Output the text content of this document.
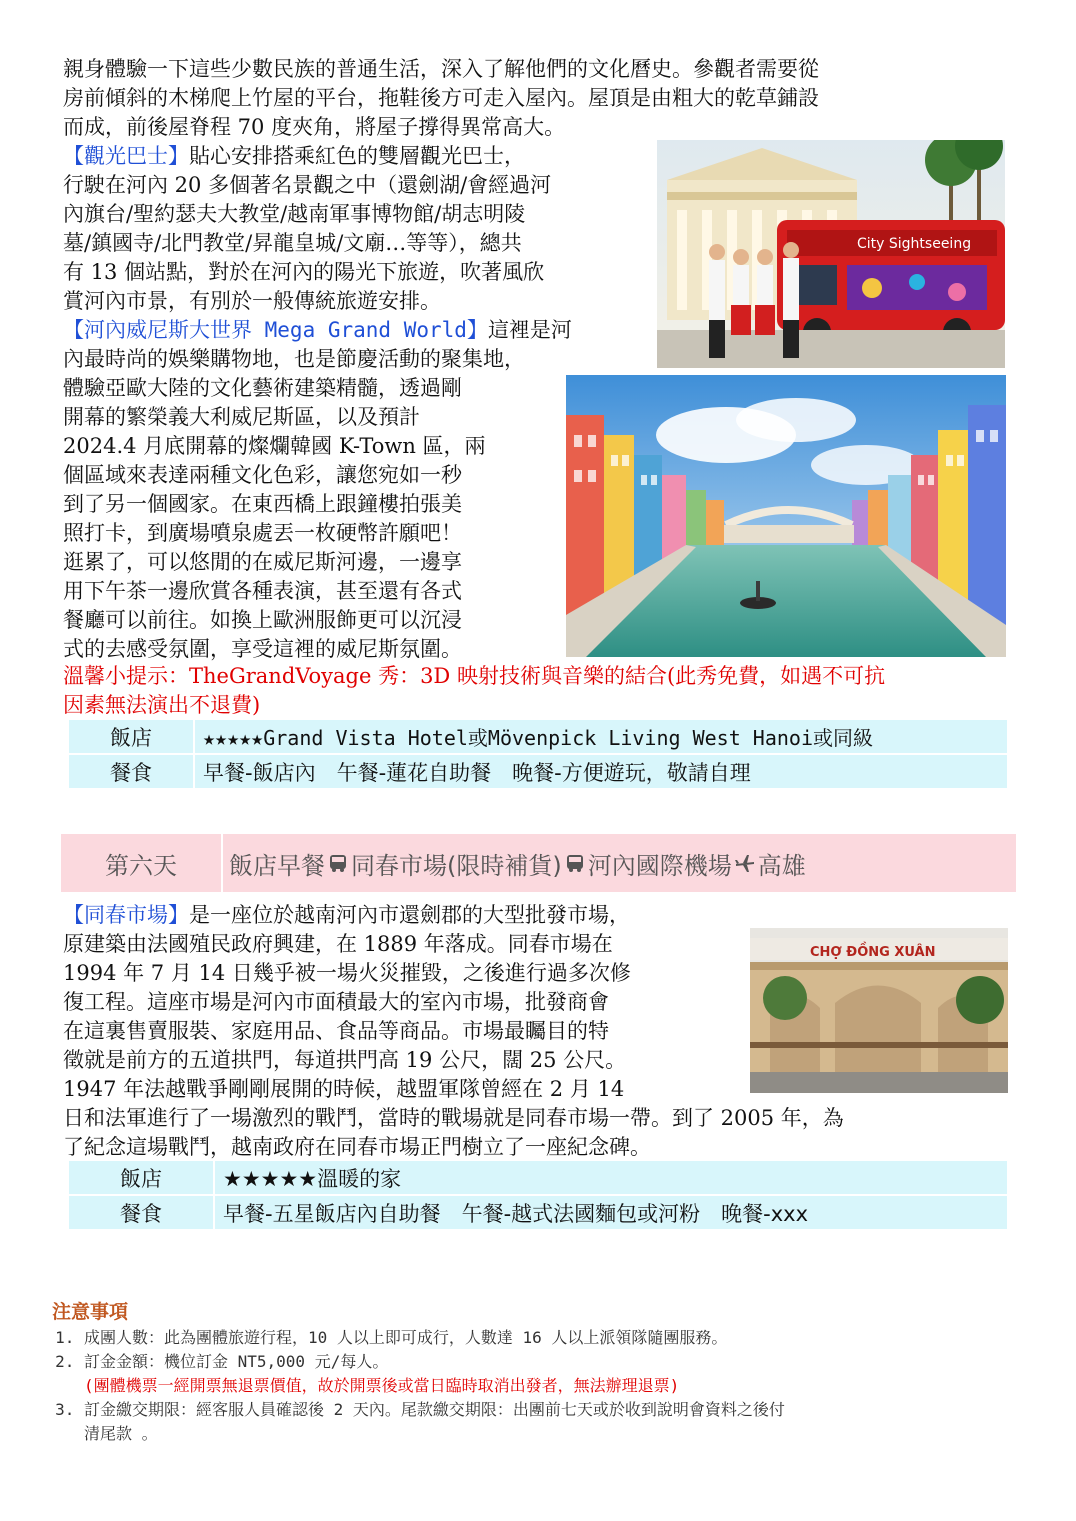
親身體驗一下這些少數民族的普通生活，深入了解他們的文化曆史。參觀者需要從

房前傾斜的木梯爬上竹屋的平台，拖鞋後方可走入屋內。屋頂是由粗大的乾草鋪設

而成，前後屋脊程 70 度夾角，將屋子撐得異常高大。

【觀光巴士】貼心安排搭乘紅色的雙層觀光巴士，

行駛在河內 20 多個著名景觀之中（還劍湖/會經過河

內旗台/聖約瑟夫大教堂/越南軍事博物館/胡志明陵

墓/鎮國寺/北門教堂/昇龍皇城/文廟…等等），總共

有 13 個站點，對於在河內的陽光下旅遊，吹著風欣

賞河內市景，有別於一般傳統旅遊安排。

City Sightseeing

【河內威尼斯大世界 Mega Grand World】這裡是河

內最時尚的娛樂購物地，也是節慶活動的聚集地，

體驗亞歐大陸的文化藝術建築精髓，透過剛

開幕的繁榮義大利威尼斯區，以及預計

2024.4 月底開幕的燦爛韓國 K-Town 區，兩

個區域來表達兩種文化色彩，讓您宛如一秒

到了另一個國家。在東西橋上跟鐘樓拍張美

照打卡，到廣場噴泉處丟一枚硬幣許願吧！

逛累了，可以悠閒的在威尼斯河邊，一邊享

用下午茶一邊欣賞各種表演，甚至還有各式

餐廳可以前往。如換上歐洲服飾更可以沉浸

式的去感受氛圍，享受這裡的威尼斯氛圍。

溫馨小提示：TheGrandVoyage 秀：3D 映射技術與音樂的結合(此秀免費，如遇不可抗

因素無法演出不退費)

飯店	★★★★★Grand Vista Hotel或Mövenpick Living West Hanoi或同級
餐食	早餐-飯店內　午餐-蓮花自助餐　晚餐-方便遊玩，敬請自理
第六天	飯店早餐 同春市場(限時補貨) 河內國際機場 高雄

【同春市場】是一座位於越南河內市還劍郡的大型批發市場，

原建築由法國殖民政府興建，在 1889 年落成。同春市場在

1994 年 7 月 14 日幾乎被一場火災摧毀，之後進行過多次修

復工程。這座市場是河內市面積最大的室內市場，批發商會

在這裏售賣服裝、家庭用品、食品等商品。市場最矚目的特

徵就是前方的五道拱門，每道拱門高 19 公尺，闊 25 公尺。

1947 年法越戰爭剛剛展開的時候，越盟軍隊曾經在 2 月 14

日和法軍進行了一場激烈的戰鬥，當時的戰場就是同春市場一帶。到了 2005 年，為

了紀念這場戰鬥，越南政府在同春市場正門樹立了一座紀念碑。

CHỢ ĐỒNG XUÂN
飯店	★★★★★溫暖的家
餐食	早餐-五星飯店內自助餐　午餐-越式法國麵包或河粉　晚餐-xxx
注意事項
1. 成團人數：此為團體旅遊行程，10 人以上即可成行，人數達 16 人以上派領隊隨團服務。
2. 訂金金額：機位訂金 NT5,000 元/每人。
(團體機票一經開票無退票價值，故於開票後或當日臨時取消出發者，無法辦理退票)
3. 訂金繳交期限：經客服人員確認後 2 天內。尾款繳交期限：出團前七天或於收到說明會資料之後付
清尾款 。
